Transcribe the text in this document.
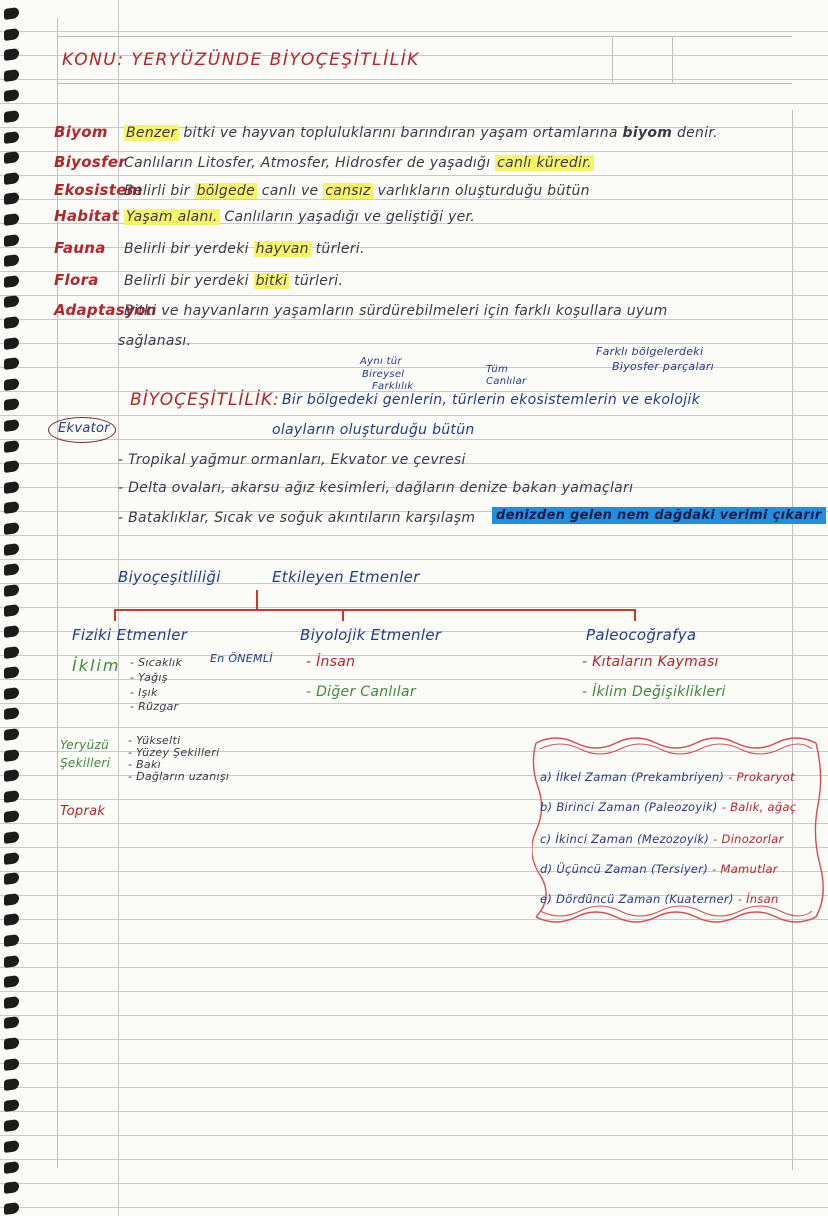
KONU: YERYÜZÜNDE BİYOÇEŞİTLİLİK
Biyom Benzer bitki ve hayvan topluluklarını barındıran yaşam ortamlarına biyom denir.
Biyosfer
Canlıların Litosfer, Atmosfer, Hidrosfer de yaşadığı canlı küredir.
Ekosistem
Belirli bir bölgede canlı ve cansız varlıkların oluşturduğu bütün
Habitat Yaşam alanı. Canlıların yaşadığı ve geliştiği yer.
Fauna Belirli bir yerdeki hayvan türleri.
Flora Belirli bir yerdeki bitki türleri.
Adaptasyon
Bitki ve hayvanların yaşamların sürdürebilmeleri için farklı koşullara uyum
sağlanası.
Aynı tür
Bireysel
Farklılık
Tüm
Canlılar
Farklı bölgelerdeki
Biyosfer parçaları
BİYOÇEŞİTLİLİK: Bir bölgedeki genlerin, türlerin ekosistemlerin ve ekolojik
olayların oluşturduğu bütün
Ekvator
- Tropikal yağmur ormanları, Ekvator ve çevresi
- Delta ovaları, akarsu ağız kesimleri, dağların denize bakan yamaçları
- Bataklıklar, Sıcak ve soğuk akıntıların karşılaşm	denizden gelen nem dağdaki verimi çıkarır
Biyoçeşitliliği	Etkileyen Etmenler
Fiziki Etmenler	Biyolojik Etmenler	Paleocoğrafya
İklim - Sıcaklık
- Yağış
- Işık
- Rüzgar
En ÖNEMLİ - İnsan
- Diğer Canlılar
- Kıtaların Kayması
- İklim Değişiklikleri
Yeryüzü Şekilleri
- Yükselti
- Yüzey Şekilleri
- Bakı
- Dağların uzanışı
Toprak
a) İlkel Zaman (Prekambriyen) - Prokaryot
b) Birinci Zaman (Paleozoyik) - Balık, ağaç
c) İkinci Zaman (Mezozoyik) - Dinozorlar
d) Üçüncü Zaman (Tersiyer) - Mamutlar
e) Dördüncü Zaman (Kuaterner) - İnsan
